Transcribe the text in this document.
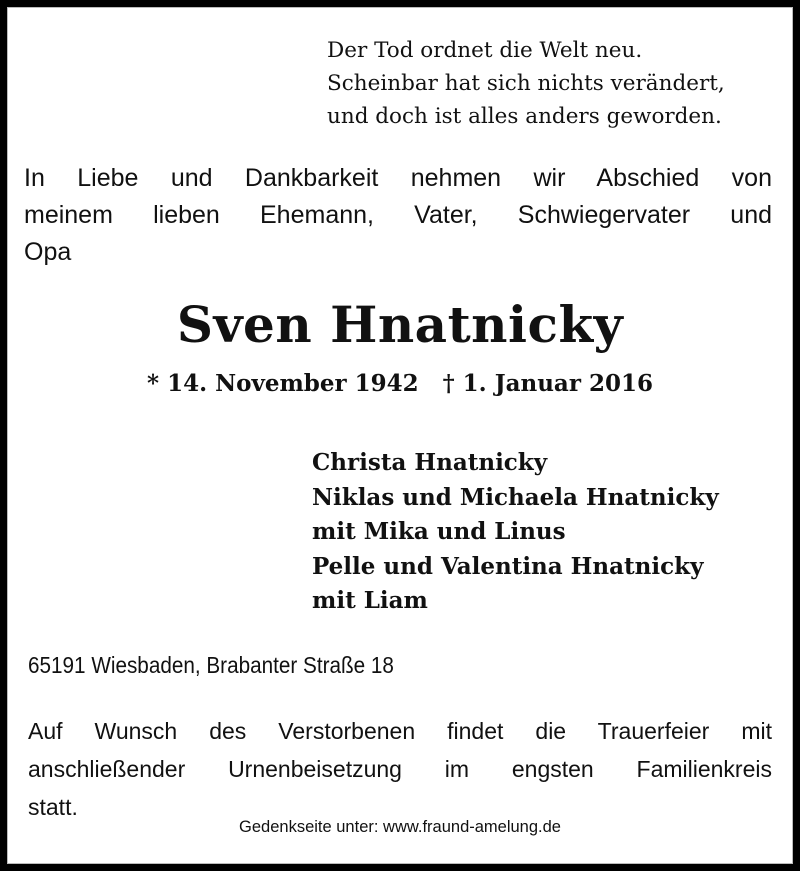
Der Tod ordnet die Welt neu.
Scheinbar hat sich nichts verändert,
und doch ist alles anders geworden.
In Liebe und Dankbarkeit nehmen wir Abschied von
meinem lieben Ehemann, Vater, Schwiegervater und
Opa
Sven Hnatnicky
* 14. November 1942 † 1. Januar 2016
Christa Hnatnicky
Niklas und Michaela Hnatnicky
mit Mika und Linus
Pelle und Valentina Hnatnicky
mit Liam
65191 Wiesbaden, Brabanter Straße 18
Auf Wunsch des Verstorbenen findet die Trauerfeier mit
anschließender Urnenbeisetzung im engsten Familienkreis
statt.
Gedenkseite unter: www.fraund-amelung.de
